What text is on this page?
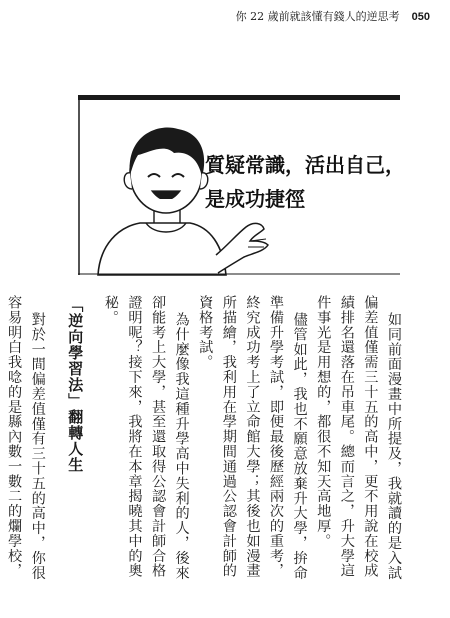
你 22 歲前就該懂有錢人的逆思考 050
質疑常識，活出自己，
是成功捷徑

如同前面漫畫中所提及，我就讀的是入試偏差值僅需三十五的高中，更不用說在校成績排名還落在吊車尾。總而言之，升大學這件事光是用想的，都很不知天高地厚。

儘管如此，我也不願意放棄升大學，拚命準備升學考試，即便最後歷經兩次的重考，終究成功考上了立命館大學；其後也如漫畫所描繪，我利用在學期間通過公認會計師的資格考試。

為什麼像我這種升學高中失利的人，後來卻能考上大學，甚至還取得公認會計師合格證明呢？接下來，我將在本章揭曉其中的奧秘。

「逆向學習法」翻轉人生

對於一間偏差值僅有三十五的高中，你很容易明白我唸的是縣內數一數二的爛學校，
